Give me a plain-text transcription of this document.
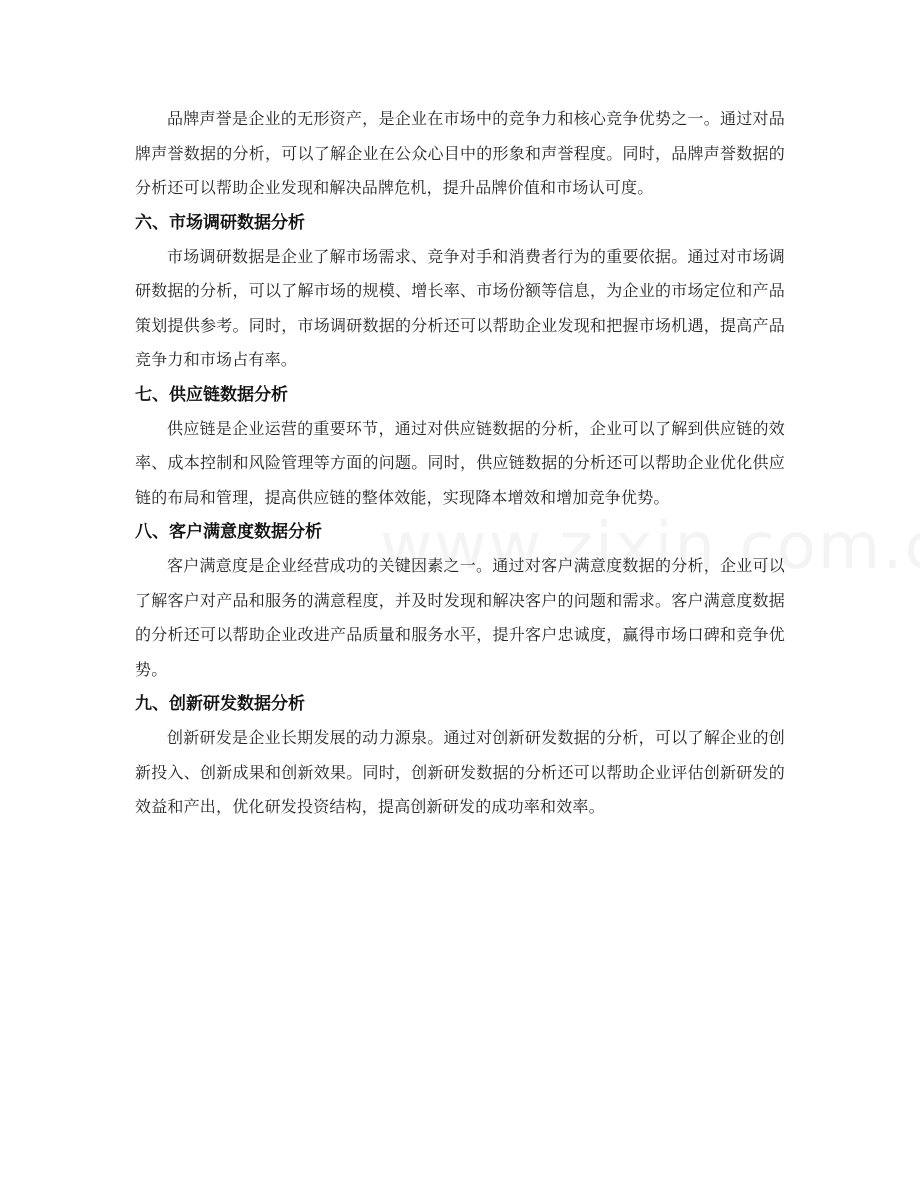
品牌声誉是企业的无形资产，是企业在市场中的竞争力和核心竞争优势之一。通过对品牌声誉数据的分析，可以了解企业在公众心目中的形象和声誉程度。同时，品牌声誉数据的分析还可以帮助企业发现和解决品牌危机，提升品牌价值和市场认可度。

六、市场调研数据分析

市场调研数据是企业了解市场需求、竞争对手和消费者行为的重要依据。通过对市场调研数据的分析，可以了解市场的规模、增长率、市场份额等信息，为企业的市场定位和产品策划提供参考。同时，市场调研数据的分析还可以帮助企业发现和把握市场机遇，提高产品竞争力和市场占有率。

七、供应链数据分析

供应链是企业运营的重要环节，通过对供应链数据的分析，企业可以了解到供应链的效率、成本控制和风险管理等方面的问题。同时，供应链数据的分析还可以帮助企业优化供应链的布局和管理，提高供应链的整体效能，实现降本增效和增加竞争优势。

八、客户满意度数据分析

客户满意度是企业经营成功的关键因素之一。通过对客户满意度数据的分析，企业可以了解客户对产品和服务的满意程度，并及时发现和解决客户的问题和需求。客户满意度数据的分析还可以帮助企业改进产品质量和服务水平，提升客户忠诚度，赢得市场口碑和竞争优势。

九、创新研发数据分析

创新研发是企业长期发展的动力源泉。通过对创新研发数据的分析，可以了解企业的创新投入、创新成果和创新效果。同时，创新研发数据的分析还可以帮助企业评估创新研发的效益和产出，优化研发投资结构，提高创新研发的成功率和效率。
